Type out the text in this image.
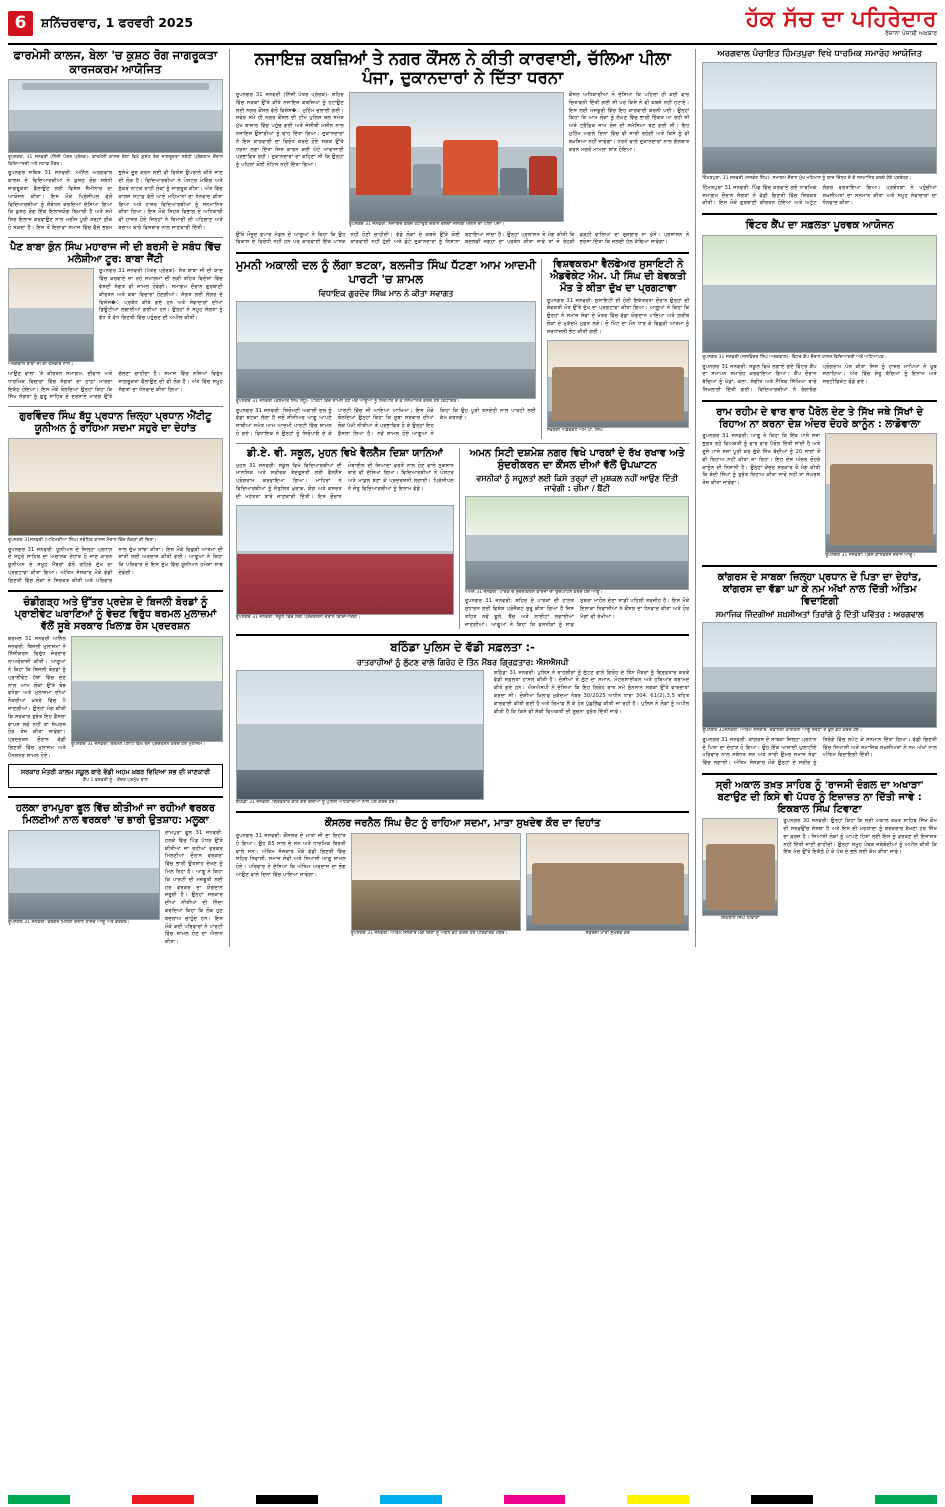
6	ਸ਼ਨਿੱਚਰਵਾਰ, 1 ਫਰਵਰੀ 2025	ਹੱਕ ਸੱਚ ਦਾ ਪਹਿਰੇਦਾਰ
ਰੋਜ਼ਾਨਾ ਪੰਜਾਬੀ ਅਖ਼ਬਾਰ
ਫਾਰਮੇਸੀ ਕਾਲਜ, ਬੇਲਾ 'ਚ ਕੁਸ਼ਠ ਰੋਗ ਜਾਗਰੂਕਤਾ ਕਾਰਜਕਰਮ ਆਯੋਜਿਤ
ਰੂਪਨਗਰ, 31 ਜਨਵਰੀ (ਨਿੱਜੀ ਪੱਤਰ ਪ੍ਰੇਰਕ)- ਫਾਰਮੇਸੀ ਕਾਲਜ ਬੇਲਾ ਵਿਖੇ ਕੁਸ਼ਠ ਰੋਗ ਜਾਗਰੂਕਤਾ ਸਬੰਧੀ ਪ੍ਰੋਗਰਾਮ ਦੌਰਾਨ ਵਿਦਿਆਰਥੀ ਅਤੇ ਸਟਾਫ਼ ਮੈਂਬਰ।
ਰੂਪਨਗਰ ਸਥਿਤ 31 ਜਨਵਰੀ: ਅਨਿੱਲ ਅਰਗਵਾਲ ਕਾਲਜ ਦੇ ਵਿਦਿਆਰਥੀਆਂ ਨੇ ਕੁਸ਼ਠ ਰੋਗ ਸਬੰਧੀ ਜਾਗਰੂਕਤਾ ਫੈਲਾਉਣ ਲਈ ਵਿਸ਼ੇਸ਼ ਸੈਮੀਨਾਰ ਦਾ ਆਯੋਜਨ ਕੀਤਾ। ਇਸ ਮੌਕੇ ਪ੍ਰਿੰਸੀਪਲ ਵੱਲੋਂ ਵਿਦਿਆਰਥੀਆਂ ਨੂੰ ਸੰਬੋਧਨ ਕਰਦਿਆਂ ਦੱਸਿਆ ਗਿਆ ਕਿ ਕੁਸ਼ਠ ਰੋਗ ਇੱਕ ਇਲਾਜਯੋਗ ਬਿਮਾਰੀ ਹੈ ਅਤੇ ਸਮੇਂ ਸਿਰ ਇਲਾਜ ਕਰਵਾਉਣ ਨਾਲ ਮਰੀਜ਼ ਪੂਰੀ ਤਰ੍ਹਾਂ ਠੀਕ ਹੋ ਸਕਦਾ ਹੈ। ਇਸ ਤੋਂ ਇਲਾਵਾ ਸਮਾਜ ਵਿੱਚ ਫੈਲੇ ਭਰਮ ਭੁਲੇਖੇ ਦੂਰ ਕਰਨ ਲਈ ਵੀ ਵਿਸ਼ੇਸ਼ ਉਪਰਾਲੇ ਕੀਤੇ ਜਾਣ ਦੀ ਲੋੜ ਹੈ। ਵਿਦਿਆਰਥੀਆਂ ਨੇ ਪੋਸਟਰ ਮੇਕਿੰਗ ਅਤੇ ਨੁੱਕੜ ਨਾਟਕ ਰਾਹੀਂ ਲੋਕਾਂ ਨੂੰ ਜਾਗਰੂਕ ਕੀਤਾ। ਅੰਤ ਵਿੱਚ ਕਾਲਜ ਸਟਾਫ਼ ਵੱਲੋਂ ਆਏ ਮਹਿਮਾਨਾਂ ਦਾ ਧੰਨਵਾਦ ਕੀਤਾ ਗਿਆ ਅਤੇ ਹਾਜ਼ਰ ਵਿਦਿਆਰਥੀਆਂ ਨੂੰ ਸਨਮਾਨਿਤ ਕੀਤਾ ਗਿਆ। ਇਸ ਮੌਕੇ ਸਿਹਤ ਵਿਭਾਗ ਦੇ ਅਧਿਕਾਰੀ ਵੀ ਹਾਜ਼ਰ ਹੋਏ ਜਿਨ੍ਹਾਂ ਨੇ ਬਿਮਾਰੀ ਦੀ ਪਹਿਚਾਣ ਅਤੇ ਬਚਾਅ ਬਾਰੇ ਵਿਸਥਾਰ ਨਾਲ ਜਾਣਕਾਰੀ ਦਿੱਤੀ।
ਪੈਣ ਬਾਬਾ ਕੁੰਨ ਸਿੰਘ ਮਹਾਰਾਜ ਜੀ ਦੀ ਬਰਸੀ ਦੇ ਸਬੰਧ ਵਿੱਚ ਮਲੇਸ਼ੀਆ ਟੂਰ: ਬਾਬਾ ਜੈਂਟੀ
ਅਰਗਵਾਲ ਬਾਬਾ ਜੀ ਦੀ ਤਸਵੀਰ ਨਾਲ।
ਰੂਪਨਗਰ 31 ਜਨਵਰੀ (ਪੱਤਰ ਪ੍ਰੇਰਕ)- ਸੰਤ ਬਾਬਾ ਜੀ ਦੀ ਯਾਦ ਵਿੱਚ ਕਰਵਾਏ ਜਾ ਰਹੇ ਸਮਾਗਮਾਂ ਦੀ ਲੜੀ ਤਹਿਤ ਵਿਦੇਸ਼ਾਂ ਵਿੱਚ ਵੱਸਦੀ ਸੰਗਤ ਵੀ ਸ਼ਾਮਲ ਹੋਵੇਗੀ। ਸਮਾਗਮ ਦੌਰਾਨ ਗੁਰਬਾਣੀ ਕੀਰਤਨ ਅਤੇ ਕਥਾ ਵਿਚਾਰਾਂ ਹੋਣਗੀਆਂ। ਸੰਗਤ ਲਈ ਲੰਗਰ ਦੇ ਵਿਸ਼ੇਸ�਼ ਪ੍ਰਬੰਧ ਕੀਤੇ ਗਏ ਹਨ ਅਤੇ ਸੇਵਾਦਾਰਾਂ ਦੀਆਂ ਡਿਊਟੀਆਂ ਲਗਾਈਆਂ ਗਈਆਂ ਹਨ। ਉਨ੍ਹਾਂ ਨੇ ਸਮੂਹ ਸੰਗਤਾਂ ਨੂੰ ਵੱਧ ਤੋਂ ਵੱਧ ਗਿਣਤੀ ਵਿੱਚ ਪਹੁੰਚਣ ਦੀ ਅਪੀਲ ਕੀਤੀ।
ਆਉਣ ਵਾਲਾ 'ਤੇ ਕੀਰਤਨ ਸਮਾਗਮ, ਦੀਵਾਨ ਅਤੇ ਧਾਰਮਿਕ ਵਿਚਾਰਾਂ ਵਿੱਚ ਸੰਗਤਾਂ ਦਾ ਠਾਠਾਂ ਮਾਰਦਾ ਇਕੱਠ ਹੋਇਆ। ਇਸ ਮੌਕੇ ਬੋਲਦਿਆਂ ਉਨ੍ਹਾਂ ਕਿਹਾ ਕਿ ਸਿੱਖ ਸੰਗਤਾਂ ਨੂੰ ਗੁਰੂ ਸਾਹਿਬ ਦੇ ਦਰਸਾਏ ਮਾਰਗ ਉੱਤੇ ਚੱਲਣਾ ਚਾਹੀਦਾ ਹੈ। ਸਮਾਜ ਵਿੱਚ ਨਸ਼ਿਆਂ ਵਿਰੁੱਧ ਜਾਗਰੂਕਤਾ ਫੈਲਾਉਣ ਦੀ ਵੀ ਲੋੜ ਹੈ। ਅੰਤ ਵਿੱਚ ਸਮੂਹ ਸੰਗਤਾਂ ਦਾ ਧੰਨਵਾਦ ਕੀਤਾ ਗਿਆ।
ਗੁਰਵਿੰਦਰ ਸਿੰਘ ਬੱਧੂ ਪ੍ਰਧਾਨ ਜ਼ਿਲ੍ਹਾ ਪ੍ਰਧਾਨ ਐਂਟੀਟੂ ਯੂਨੀਅਨ ਨੂੰ ਰਾਹਿਆ ਸਦਮਾ ਸਹੁਰੇ ਦਾ ਦੇਹਾਂਤ
ਰੂਪਨਗਰ 31ਜਨਵਰੀ (ਅਹਿਮਦੀਆ ਸਿੰਘ) ਸਬੰਧਿਤ ਕਾਲਜ ਮੈਦਾਨ ਵਿੱਚ ਲੱਕੜਾਂ ਦੀ ਚਿਤਾ।
ਰੂਪਨਗਰ 31 ਜਨਵਰੀ: ਯੂਨੀਅਨ ਦੇ ਜ਼ਿਲ੍ਹਾ ਪ੍ਰਧਾਨ ਦੇ ਸਹੁਰੇ ਸਾਹਿਬ ਦਾ ਅਚਾਨਕ ਦੇਹਾਂਤ ਹੋ ਜਾਣ ਕਾਰਨ ਯੂਨੀਅਨ ਦੇ ਸਮੂਹ ਮੈਂਬਰਾਂ ਵੱਲੋਂ ਗਹਿਰੇ ਦੁੱਖ ਦਾ ਪ੍ਰਗਟਾਵਾ ਕੀਤਾ ਗਿਆ। ਅੰਤਿਮ ਸੰਸਕਾਰ ਮੌਕੇ ਵੱਡੀ ਗਿਣਤੀ ਵਿੱਚ ਲੋਕਾਂ ਨੇ ਸ਼ਿਰਕਤ ਕੀਤੀ ਅਤੇ ਪਰਿਵਾਰ ਨਾਲ ਦੁੱਖ ਸਾਂਝਾ ਕੀਤਾ। ਇਸ ਮੌਕੇ ਵਿਛੜੀ ਆਤਮਾ ਦੀ ਸ਼ਾਂਤੀ ਲਈ ਅਰਦਾਸ ਕੀਤੀ ਗਈ। ਆਗੂਆਂ ਨੇ ਕਿਹਾ ਕਿ ਪਰਿਵਾਰ ਦੇ ਇਸ ਦੁੱਖ ਵਿੱਚ ਯੂਨੀਅਨ ਹਮੇਸ਼ਾ ਸਾਥ ਦੇਵੇਗੀ।
ਚੰਡੀਗੜ੍ਹ ਅਤੇ ਉੱਤਰ ਪ੍ਰਦੇਸ਼ ਦੇ ਬਿਜਲੀ ਬੋਰਡਾਂ ਨੂੰ ਪ੍ਰਾਈਵੇਟ ਘਰਾਣਿਆਂ ਨੂੰ ਵੇਚਣ ਵਿਰੁੱਧ ਥਰਮਲ ਮੁਲਾਜ਼ਮਾਂ ਵੱਲੋਂ ਸੂਬੇ ਸਰਕਾਰ ਖਿਲਾਫ਼ ਰੋਸ ਪ੍ਰਦਰਸ਼ਨ
ਥਰਮਲ 31 ਜਨਵਰੀ ਅਨਿੱਲ ਜਨਵਰੀ: ਬਿਜਲੀ ਮੁਲਾਜ਼ਮਾਂ ਨੇ ਨਿੱਜੀਕਰਨ ਵਿਰੁੱਧ ਜ਼ੋਰਦਾਰ ਨਾਅਰੇਬਾਜ਼ੀ ਕੀਤੀ। ਆਗੂਆਂ ਨੇ ਕਿਹਾ ਕਿ ਬਿਜਲੀ ਬੋਰਡਾਂ ਨੂੰ ਪ੍ਰਾਈਵੇਟ ਹੱਥਾਂ ਵਿੱਚ ਦੇਣ ਨਾਲ ਆਮ ਲੋਕਾਂ ਉੱਤੇ ਬੋਝ ਵਧੇਗਾ ਅਤੇ ਮੁਲਾਜ਼ਮਾਂ ਦੀਆਂ ਨੌਕਰੀਆਂ ਖ਼ਤਰੇ ਵਿੱਚ ਪੈ ਜਾਣਗੀਆਂ। ਉਨ੍ਹਾਂ ਮੰਗ ਕੀਤੀ ਕਿ ਸਰਕਾਰ ਤੁਰੰਤ ਇਹ ਫ਼ੈਸਲਾ ਵਾਪਸ ਲਵੇ ਨਹੀਂ ਤਾਂ ਸੰਘਰਸ਼ ਹੋਰ ਤੇਜ਼ ਕੀਤਾ ਜਾਵੇਗਾ। ਪ੍ਰਦਰਸ਼ਨ ਦੌਰਾਨ ਵੱਡੀ ਗਿਣਤੀ ਵਿੱਚ ਮੁਲਾਜ਼ਮ ਅਤੇ ਪੈਨਸ਼ਨਰ ਸ਼ਾਮਲ ਹੋਏ।
ਰੂਪਨਗਰ 31 ਜਨਵਰੀ: ਥਰਮਲ ਪਲਾਂਟ ਵਿਖੇ ਰੋਸ ਪ੍ਰਦਰਸ਼ਨ ਕਰਦੇ ਹੋਏ ਮੁਲਾਜ਼ਮ।
ਸਰਕਾਰ ਮੰਤਰੀ ਕਾਲਮ ਸਕੂਲ ਬਾਰੇ ਵੱਡੀ ਅਹਮ ਖ਼ਬਰ ਵਿਦਿਆ ਸਭ ਦੀ ਜਾਣਕਾਰੀ
ਕੈਂਪ 1 ਫ਼ਰਵਰੀ ਨੂੰ - ਕੇਂਦਰ ਪ੍ਰਮੁੱਖ ਬਾਲ
ਹਲਕਾ ਰਾਮਪੁਰਾ ਫੂਲ ਵਿੱਚ ਕੀਤੀਆਂ ਜਾ ਰਹੀਆਂ ਵਰਕਰ ਮਿਲਣੀਆਂ ਨਾਲ ਵਰਕਰਾਂ 'ਚ ਭਾਰੀ ਉਤਸ਼ਾਹ: ਮਲੂਕਾ
ਰੂਪਨਗਰ 31 ਜਨਵਰੀ: ਵਰਕਰ ਮਿਲਣੀ ਦੌਰਾਨ ਹਾਜ਼ਰ ਆਗੂ ਅਤੇ ਵਰਕਰ।
ਰਾਮਪੁਰਾ ਫੂਲ 31 ਜਨਵਰੀ: ਹਲਕੇ ਵਿੱਚ ਪਿੰਡ ਪੱਧਰ ਉੱਤੇ ਕੀਤੀਆਂ ਜਾ ਰਹੀਆਂ ਵਰਕਰ ਮਿਲਣੀਆਂ ਦੌਰਾਨ ਵਰਕਰਾਂ ਵਿੱਚ ਭਾਰੀ ਉਤਸ਼ਾਹ ਦੇਖਣ ਨੂੰ ਮਿਲ ਰਿਹਾ ਹੈ। ਆਗੂ ਨੇ ਕਿਹਾ ਕਿ ਪਾਰਟੀ ਦੀ ਮਜ਼ਬੂਤੀ ਲਈ ਹਰ ਵਰਕਰ ਦਾ ਯੋਗਦਾਨ ਜ਼ਰੂਰੀ ਹੈ। ਉਨ੍ਹਾਂ ਸਰਕਾਰ ਦੀਆਂ ਨੀਤੀਆਂ ਦੀ ਨਿੰਦਾ ਕਰਦਿਆਂ ਕਿਹਾ ਕਿ ਲੋਕ ਹੁਣ ਬਦਲਾਅ ਚਾਹੁੰਦੇ ਹਨ। ਇਸ ਮੌਕੇ ਕਈ ਪਰਿਵਾਰਾਂ ਨੇ ਪਾਰਟੀ ਵਿੱਚ ਸ਼ਾਮਲ ਹੋਣ ਦਾ ਐਲਾਨ ਕੀਤਾ।
ਨਜਾਇਜ਼ ਕਬਜ਼ਿਆਂ ਤੇ ਨਗਰ ਕੌਂਸਲ ਨੇ ਕੀਤੀ ਕਾਰਵਾਈ, ਚੱਲਿਆ ਪੀਲਾ ਪੰਜਾ, ਦੁਕਾਨਦਾਰਾਂ ਨੇ ਦਿੱਤਾ ਧਰਨਾ
ਰੂਪਨਗਰ 31 ਜਨਵਰੀ (ਨਿੱਜੀ ਪੱਤਰ ਪ੍ਰੇਰਕ)- ਸ਼ਹਿਰ ਵਿੱਚ ਸੜਕਾਂ ਉੱਤੇ ਕੀਤੇ ਨਜਾਇਜ਼ ਕਬਜ਼ਿਆਂ ਨੂੰ ਹਟਾਉਣ ਲਈ ਨਗਰ ਕੌਂਸਲ ਵੱਲੋਂ ਵਿਸ਼ੇਸ�਼ ਮੁਹਿੰਮ ਚਲਾਈ ਗਈ। ਸਵੇਰ ਸਮੇਂ ਹੀ ਨਗਰ ਕੌਂਸਲ ਦੀ ਟੀਮ ਪੁਲਿਸ ਬਲ ਸਮੇਤ ਮੁੱਖ ਬਾਜ਼ਾਰ ਵਿੱਚ ਪਹੁੰਚ ਗਈ ਅਤੇ ਜੇਸੀਬੀ ਮਸ਼ੀਨ ਨਾਲ ਨਜਾਇਜ਼ ਉਸਾਰੀਆਂ ਨੂੰ ਢਾਹ ਦਿੱਤਾ ਗਿਆ। ਦੁਕਾਨਦਾਰਾਂ ਨੇ ਇਸ ਕਾਰਵਾਈ ਦਾ ਵਿਰੋਧ ਕਰਦੇ ਹੋਏ ਸੜਕ ਉੱਤੇ ਧਰਨਾ ਲਗਾ ਦਿੱਤਾ ਜਿਸ ਕਾਰਨ ਕਈ ਘੰਟੇ ਆਵਾਜਾਈ ਪ੍ਰਭਾਵਿਤ ਰਹੀ। ਦੁਕਾਨਦਾਰਾਂ ਦਾ ਕਹਿਣਾ ਸੀ ਕਿ ਉਨ੍ਹਾਂ ਨੂੰ ਪਹਿਲਾਂ ਕੋਈ ਨੋਟਿਸ ਨਹੀਂ ਦਿੱਤਾ ਗਿਆ।
ਰੂਪਨਗਰ 31 ਜਨਵਰੀ: ਨਜਾਇਜ਼ ਕਬਜ਼ੇ ਹਟਾਉਣ ਦੌਰਾਨ ਚੱਲਦਾ ਜੇਸੀਬੀ ਮਸ਼ੀਨ ਦਾ ਪੀਲਾ ਪੰਜਾ।
ਕੌਂਸਲ ਅਧਿਕਾਰੀਆਂ ਨੇ ਦੱਸਿਆ ਕਿ ਪਹਿਲਾਂ ਹੀ ਕਈ ਵਾਰ ਚਿਤਾਵਨੀ ਦਿੱਤੀ ਗਈ ਸੀ ਪਰ ਕਿਸੇ ਨੇ ਵੀ ਕਬਜ਼ੇ ਨਹੀਂ ਹਟਾਏ। ਇਸ ਲਈ ਮਜਬੂਰੀ ਵਿੱਚ ਇਹ ਕਾਰਵਾਈ ਕਰਨੀ ਪਈ। ਉਨ੍ਹਾਂ ਕਿਹਾ ਕਿ ਆਮ ਲੋਕਾਂ ਨੂੰ ਲੰਘਣ ਵਿੱਚ ਭਾਰੀ ਦਿੱਕਤ ਆ ਰਹੀ ਸੀ ਅਤੇ ਟ੍ਰੈਫ਼ਿਕ ਜਾਮ ਰੋਜ਼ ਦੀ ਸਮੱਸਿਆ ਬਣ ਗਈ ਸੀ। ਇਹ ਮੁਹਿੰਮ ਅਗਲੇ ਦਿਨਾਂ ਵਿੱਚ ਵੀ ਜਾਰੀ ਰਹੇਗੀ ਅਤੇ ਕਿਸੇ ਨੂੰ ਵੀ ਬਖ਼ਸ਼ਿਆ ਨਹੀਂ ਜਾਵੇਗਾ। ਧਰਨੇ ਵਾਲੇ ਦੁਕਾਨਦਾਰਾਂ ਨਾਲ ਗੱਲਬਾਤ ਕਰਨ ਮਗਰੋਂ ਮਾਮਲਾ ਸ਼ਾਂਤ ਹੋਇਆ।
ਉੱਥੇ ਮੌਜੂਦ ਵਪਾਰ ਮੰਡਲ ਦੇ ਆਗੂਆਂ ਨੇ ਕਿਹਾ ਕਿ ਉਹ ਵਿਕਾਸ ਦੇ ਵਿਰੋਧੀ ਨਹੀਂ ਹਨ ਪਰ ਕਾਰਵਾਈ ਇੱਕ ਪਾਸੜ ਨਹੀਂ ਹੋਣੀ ਚਾਹੀਦੀ। ਵੱਡੇ ਲੋਕਾਂ ਦੇ ਕਬਜ਼ੇ ਉੱਤੇ ਕੋਈ ਕਾਰਵਾਈ ਨਹੀਂ ਹੁੰਦੀ ਅਤੇ ਛੋਟੇ ਦੁਕਾਨਦਾਰਾਂ ਨੂੰ ਨਿਸ਼ਾਨਾ ਬਣਾਇਆ ਜਾਂਦਾ ਹੈ। ਉਨ੍ਹਾਂ ਪ੍ਰਸ਼ਾਸਨ ਤੋਂ ਮੰਗ ਕੀਤੀ ਕਿ ਬਦਲਵੀਂ ਜਗ੍ਹਾ ਦਾ ਪ੍ਰਬੰਧ ਕੀਤਾ ਜਾਵੇ ਤਾਂ ਜੋ ਰੇਹੜੀ ਫੜ੍ਹੀ ਵਾਲਿਆਂ ਦਾ ਰੁਜ਼ਗਾਰ ਨਾ ਖੁੱਸੇ। ਪ੍ਰਸ਼ਾਸਨ ਨੇ ਭਰੋਸਾ ਦਿੱਤਾ ਕਿ ਜਲਦੀ ਹੱਲ ਕੱਢਿਆ ਜਾਵੇਗਾ।
ਮੁਮਨੀ ਅਕਾਲੀ ਦਲ ਨੂੰ ਲੱਗਾ ਝਟਕਾ, ਬਲਜੀਤ ਸਿੰਘ ਧੱਟਣਾ ਆਮ ਆਦਮੀ ਪਾਰਟੀ 'ਚ ਸ਼ਾਮਲ
ਵਿਧਾਇਕ ਗੁਰਦੇਵ ਸਿੰਘ ਮਾਨ ਨੇ ਕੀਤਾ ਸਵਾਗਤ
ਰੂਪਨਗਰ 31 ਜਨਵਰੀ (ਕਸ਼ਮੀਰ ਸਿੰਘ ਸੰਧੂ)- ਪਾਰਟੀ ਵਿੱਚ ਸ਼ਾਮਲ ਹੋਣ ਮੌਕੇ ਆਗੂਆਂ ਨੂੰ ਸਿਰੋਪਾਓ ਦੇ ਕੇ ਸਨਮਾਨਿਤ ਕਰਦੇ ਹੋਏ ਵਿਧਾਇਕ।
ਰੂਪਨਗਰ 31 ਜਨਵਰੀ: ਸ਼ਿਰੋਮਣੀ ਅਕਾਲੀ ਦਲ ਨੂੰ ਵੱਡਾ ਝਟਕਾ ਲੱਗਾ ਹੈ ਜਦੋਂ ਸੀਨੀਅਰ ਆਗੂ ਆਪਣੇ ਸਾਥੀਆਂ ਸਮੇਤ ਆਮ ਆਦਮੀ ਪਾਰਟੀ ਵਿੱਚ ਸ਼ਾਮਲ ਹੋ ਗਏ। ਵਿਧਾਇਕ ਨੇ ਉਨ੍ਹਾਂ ਨੂੰ ਸਿਰੋਪਾਓ ਦੇ ਕੇ ਪਾਰਟੀ ਵਿੱਚ ਜੀ ਆਇਆਂ ਆਖਿਆ। ਇਸ ਮੌਕੇ ਬੋਲਦਿਆਂ ਉਨ੍ਹਾਂ ਕਿਹਾ ਕਿ ਸੂਬਾ ਸਰਕਾਰ ਦੀਆਂ ਲੋਕ ਪੱਖੀ ਨੀਤੀਆਂ ਤੋਂ ਪ੍ਰਭਾਵਿਤ ਹੋ ਕੇ ਉਨ੍ਹਾਂ ਇਹ ਫ਼ੈਸਲਾ ਲਿਆ ਹੈ। ਨਵੇਂ ਸ਼ਾਮਲ ਹੋਏ ਆਗੂਆਂ ਨੇ ਕਿਹਾ ਕਿ ਉਹ ਪੂਰੀ ਤਨਦੇਹੀ ਨਾਲ ਪਾਰਟੀ ਲਈ ਕੰਮ ਕਰਨਗੇ।
ਵਿਸ਼ਵਕਰਮਾ ਵੈਲਫੇਅਰ ਸੁਸਾਇਟੀ ਨੇ ਐਡਵੋਕੇਟ ਐਮ. ਪੀ ਸਿੰਘ ਦੀ ਬੇਵਕਤੀ ਮੌਤ ਤੇ ਕੀਤਾ ਦੁੱਖ ਦਾ ਪ੍ਰਗਟਾਵਾ
ਰੂਪਨਗਰ 31 ਜਨਵਰੀ: ਸੁਸਾਇਟੀ ਦੀ ਹੋਈ ਇਕੱਤਰਤਾ ਦੌਰਾਨ ਉਨ੍ਹਾਂ ਦੀ ਬੇਵਕਤੀ ਮੌਤ ਉੱਤੇ ਦੁੱਖ ਦਾ ਪ੍ਰਗਟਾਵਾ ਕੀਤਾ ਗਿਆ। ਆਗੂਆਂ ਨੇ ਕਿਹਾ ਕਿ ਉਨ੍ਹਾਂ ਨੇ ਸਮਾਜ ਸੇਵਾ ਦੇ ਖੇਤਰ ਵਿੱਚ ਵੱਡਾ ਯੋਗਦਾਨ ਪਾਇਆ ਅਤੇ ਗ਼ਰੀਬ ਲੋਕਾਂ ਦੇ ਮੁਕੱਦਮੇ ਮੁਫ਼ਤ ਲੜੇ। ਦੋ ਮਿੰਟ ਦਾ ਮੌਨ ਧਾਰ ਕੇ ਵਿਛੜੀ ਆਤਮਾ ਨੂੰ ਸ਼ਰਧਾਂਜਲੀ ਭੇਟ ਕੀਤੀ ਗਈ।
ਸਵਰਗੀ ਐਡਵੋਕੇਟ ਐਮ.ਪੀ. ਸਿੰਘ
ਡੀ.ਏ. ਵੀ. ਸਕੂਲ, ਮੁਹਨ ਵਿਖੇ ਵੈਲਨੈੱਸ ਦਿਸ਼ਾ ਯਾਨਿਆਂ
ਮੁਹਨ 31 ਜਨਵਰੀ: ਸਕੂਲ ਵਿਖੇ ਵਿਦਿਆਰਥੀਆਂ ਦੀ ਮਾਨਸਿਕ ਅਤੇ ਸਰੀਰਕ ਤੰਦਰੁਸਤੀ ਲਈ ਵੈਲਨੈੱਸ ਪ੍ਰੋਗਰਾਮ ਕਰਵਾਇਆ ਗਿਆ। ਮਾਹਿਰਾਂ ਨੇ ਵਿਦਿਆਰਥੀਆਂ ਨੂੰ ਸੰਤੁਲਿਤ ਖ਼ੁਰਾਕ, ਯੋਗ ਅਤੇ ਕਸਰਤ ਦੀ ਮਹੱਤਤਾ ਬਾਰੇ ਜਾਣਕਾਰੀ ਦਿੱਤੀ। ਇਸ ਦੌਰਾਨ ਮੋਬਾਈਲ ਦੀ ਜ਼ਿਆਦਾ ਵਰਤੋਂ ਨਾਲ ਹੋਣ ਵਾਲੇ ਨੁਕਸਾਨ ਬਾਰੇ ਵੀ ਦੱਸਿਆ ਗਿਆ। ਵਿਦਿਆਰਥੀਆਂ ਨੇ ਪੋਸਟਰ ਅਤੇ ਮਾਡਲ ਬਣਾ ਕੇ ਪ੍ਰਦਰਸ਼ਨੀ ਲਗਾਈ। ਪ੍ਰਿੰਸੀਪਲ ਨੇ ਜੇਤੂ ਵਿਦਿਆਰਥੀਆਂ ਨੂੰ ਇਨਾਮ ਵੰਡੇ।
ਰੂਪਨਗਰ 31 ਜਨਵਰੀ: ਸਕੂਲ ਵਿੱਚ ਲੱਗੀ ਪ੍ਰਦਰਸ਼ਨੀ ਦੌਰਾਨ ਵਿਦਿਆਰਥੀ।
ਅਮਨ ਸਿਟੀ ਦਸ਼ਮੇਸ਼ ਨਗਰ ਵਿਖੇ ਪਾਰਕਾਂ ਦੇ ਰੱਖ ਰਖਾਵ ਅਤੇ ਸੁੰਦਰੀਕਰਨ ਦਾ ਕੌਂਸਲ ਦੀਆਂ ਵੱਲੋਂ ਉਪਘਾਟਨ
ਵਸਨੀਕਾਂ ਨੂੰ ਸਹੂਲਤਾਂ ਲਈ ਕਿਸੇ ਤਰ੍ਹਾਂ ਦੀ ਮੁਸ਼ਕਲ ਨਹੀਂ ਆਉਣ ਦਿੱਤੀ ਜਾਵੇਗੀ : ਚੀਮਾ / ਬੈਂਟੀ
ਅਮਨ 31 ਜਨਵਰੀ: ਪਾਰਕ ਦੇ ਸੁੰਦਰੀਕਰਨ ਕਾਰਜਾਂ ਦਾ ਉਦਘਾਟਨ ਕਰਦੇ ਹੋਏ ਆਗੂ।
ਰੂਪਨਗਰ 31 ਜਨਵਰੀ: ਸ਼ਹਿਰ ਦੇ ਪਾਰਕਾਂ ਦੀ ਹਾਲਤ ਸੁਧਾਰਨ ਲਈ ਵਿਸ਼ੇਸ਼ ਪ੍ਰੋਜੈਕਟ ਸ਼ੁਰੂ ਕੀਤਾ ਗਿਆ ਹੈ ਜਿਸ ਤਹਿਤ ਨਵੇਂ ਝੂਲੇ, ਬੈਂਚ ਅਤੇ ਲਾਈਟਾਂ ਲਗਾਈਆਂ ਜਾਣਗੀਆਂ। ਆਗੂਆਂ ਨੇ ਕਿਹਾ ਕਿ ਵਸਨੀਕਾਂ ਨੂੰ ਸਾਫ਼ ਸੁਥਰਾ ਮਾਹੌਲ ਦੇਣਾ ਸਾਡੀ ਪਹਿਲੀ ਤਰਜੀਹ ਹੈ। ਇਸ ਮੌਕੇ ਇਲਾਕਾ ਨਿਵਾਸੀਆਂ ਨੇ ਕੌਂਸਲ ਦਾ ਧੰਨਵਾਦ ਕੀਤਾ ਅਤੇ ਹੋਰ ਮੰਗਾਂ ਵੀ ਰੱਖੀਆਂ।
ਬਠਿੰਡਾ ਪੁਲਿਸ ਦੇ ਵੱਡੀ ਸਫ਼ਲਤਾ :-
ਰਾਤਰਾਹੀਆਂ ਨੂੰ ਲੁੱਟਣ ਵਾਲੇ ਗਿਰੋਹ ਦੇ ਤਿੰਨ ਮੈਂਬਰ ਗ੍ਰਿਫ਼ਤਾਰ: ਐਸਐਸਪੀ
ਬਠਿੰਡਾ 31 ਜਨਵਰੀ: ਗ੍ਰਿਫ਼ਤਾਰ ਕੀਤੇ ਗਏ ਦੋਸ਼ੀਆਂ ਨੂੰ ਪੁਲਿਸ ਅਧਿਕਾਰੀਆਂ ਨਾਲ ਪੇਸ਼ ਕਰਦੇ ਹੋਏ।
ਬਠਿੰਡਾ 31 ਜਨਵਰੀ: ਪੁਲਿਸ ਨੇ ਰਾਹਗੀਰਾਂ ਨੂੰ ਲੁੱਟਣ ਵਾਲੇ ਗਿਰੋਹ ਦੇ ਤਿੰਨ ਮੈਂਬਰਾਂ ਨੂੰ ਗ੍ਰਿਫ਼ਤਾਰ ਕਰਕੇ ਵੱਡੀ ਸਫ਼ਲਤਾ ਹਾਸਲ ਕੀਤੀ ਹੈ। ਦੋਸ਼ੀਆਂ ਤੋਂ ਲੁੱਟ ਦਾ ਸਮਾਨ, ਮੋਟਰਸਾਈਕਲ ਅਤੇ ਹਥਿਆਰ ਬਰਾਮਦ ਕੀਤੇ ਗਏ ਹਨ। ਐਸਐਸਪੀ ਨੇ ਦੱਸਿਆ ਕਿ ਇਹ ਗਿਰੋਹ ਰਾਤ ਸਮੇਂ ਸੁੰਨਸਾਨ ਸੜਕਾਂ ਉੱਤੇ ਵਾਰਦਾਤਾਂ ਕਰਦਾ ਸੀ। ਦੋਸ਼ੀਆਂ ਖ਼ਿਲਾਫ਼ ਮੁਕੱਦਮਾ ਨੰਬਰ 30/2025 ਅਧੀਨ ਧਾਰਾ 304, 61(2),3,5 ਤਹਿਤ ਕਾਰਵਾਈ ਕੀਤੀ ਗਈ ਹੈ ਅਤੇ ਰਿਮਾਂਡ ਲੈ ਕੇ ਹੋਰ ਪੁੱਛਗਿੱਛ ਕੀਤੀ ਜਾ ਰਹੀ ਹੈ। ਪੁਲਿਸ ਨੇ ਲੋਕਾਂ ਨੂੰ ਅਪੀਲ ਕੀਤੀ ਹੈ ਕਿ ਕਿਸੇ ਵੀ ਸ਼ੱਕੀ ਵਿਅਕਤੀ ਦੀ ਸੂਚਨਾ ਤੁਰੰਤ ਦਿੱਤੀ ਜਾਵੇ।
ਕੌਂਸਲਰ ਜਰਨੈਲ ਸਿੰਘ ਚੈਟ ਨੂੰ ਰਾਹਿਆ ਸਦਮਾ, ਮਾਤਾ ਸੁਖਦੇਵ ਕੌਰ ਦਾ ਦਿਹਾਂਤ
ਰੂਪਨਗਰ 31 ਜਨਵਰੀ: ਕੌਂਸਲਰ ਦੇ ਮਾਤਾ ਜੀ ਦਾ ਦਿਹਾਂਤ ਹੋ ਗਿਆ। ਉਹ 85 ਸਾਲ ਦੇ ਸਨ ਅਤੇ ਧਾਰਮਿਕ ਬਿਰਤੀ ਵਾਲੇ ਸਨ। ਅੰਤਿਮ ਸੰਸਕਾਰ ਮੌਕੇ ਵੱਡੀ ਗਿਣਤੀ ਵਿੱਚ ਸ਼ਹਿਰ ਨਿਵਾਸੀ, ਸਮਾਜ ਸੇਵੀ ਅਤੇ ਸਿਆਸੀ ਆਗੂ ਸ਼ਾਮਲ ਹੋਏ। ਪਰਿਵਾਰ ਨੇ ਦੱਸਿਆ ਕਿ ਅੰਤਿਮ ਅਰਦਾਸ ਦਾ ਭੋਗ ਆਉਣ ਵਾਲੇ ਦਿਨਾਂ ਵਿੱਚ ਪਾਇਆ ਜਾਵੇਗਾ।
ਰੂਪਨਗਰ 31 ਜਨਵਰੀ: ਅੰਤਿਮ ਸੰਸਕਾਰ ਮੌਕੇ ਚਿਤਾ ਨੂੰ ਅਗਨ ਭੇਟ ਕਰਦੇ ਹੋਏ ਪਰਿਵਾਰਕ ਮੈਂਬਰ।	ਸਵਰਗੀ ਮਾਤਾ ਸੁਖਦੇਵ ਕੌਰ
ਅਰਗਵਾਲ ਪੰਚਾਇਤ ਹਿੰਮਤਪੁਰਾ ਵਿਖੇ ਧਾਰਮਿਕ ਸਮਾਰੋਹ ਆਯੋਜਿਤ
ਹਿੰਮਤਪੁਰਾ, 31 ਜਨਵਰੀ (ਜਸਵੰਤ ਸਿੰਘ)- ਸਮਾਗਮ ਦੌਰਾਨ ਮੁੱਖ ਮਹਿਮਾਨ ਨੂੰ ਯਾਦ ਚਿੰਨ੍ਹ ਦੇ ਕੇ ਸਨਮਾਨਿਤ ਕਰਦੇ ਹੋਏ ਪ੍ਰਬੰਧਕ।
ਹਿੰਮਤਪੁਰਾ 31 ਜਨਵਰੀ: ਪਿੰਡ ਵਿੱਚ ਕਰਵਾਏ ਗਏ ਧਾਰਮਿਕ ਸਮਾਗਮ ਦੌਰਾਨ ਸੰਗਤਾਂ ਨੇ ਵੱਡੀ ਗਿਣਤੀ ਵਿੱਚ ਸ਼ਿਰਕਤ ਕੀਤੀ। ਇਸ ਮੌਕੇ ਗੁਰਬਾਣੀ ਕੀਰਤਨ ਹੋਇਆ ਅਤੇ ਅਟੁੱਟ ਲੰਗਰ ਵਰਤਾਇਆ ਗਿਆ। ਪ੍ਰਬੰਧਕਾਂ ਨੇ ਪਹੁੰਚੀਆਂ ਸ਼ਖ਼ਸੀਅਤਾਂ ਦਾ ਸਨਮਾਨ ਕੀਤਾ ਅਤੇ ਸਮੂਹ ਸੇਵਾਦਾਰਾਂ ਦਾ ਧੰਨਵਾਦ ਕੀਤਾ।
ਵਿੰਟਰ ਕੈਂਪ ਦਾ ਸਫ਼ਲਤਾ ਪੂਰਵਕ ਆਯੋਜਨ
ਰੂਪਨਗਰ 31 ਜਨਵਰੀ (ਜਸਵਿੰਦਰ ਸਿੰਘ ਅਰਗਵਾਲ)- ਵਿੰਟਰ ਕੈਂਪ ਦੌਰਾਨ ਹਾਜ਼ਰ ਵਿਦਿਆਰਥੀ ਅਤੇ ਅਧਿਆਪਕ।
ਰੂਪਨਗਰ 31 ਜਨਵਰੀ: ਸਕੂਲ ਵਿਖੇ ਲਗਾਏ ਗਏ ਵਿੰਟਰ ਕੈਂਪ ਦਾ ਸਮਾਪਨ ਸਮਾਰੋਹ ਕਰਵਾਇਆ ਗਿਆ। ਕੈਂਪ ਦੌਰਾਨ ਬੱਚਿਆਂ ਨੂੰ ਖੇਡਾਂ, ਕਲਾ, ਸੰਗੀਤ ਅਤੇ ਨੈਤਿਕ ਸਿੱਖਿਆ ਬਾਰੇ ਸਿਖਲਾਈ ਦਿੱਤੀ ਗਈ। ਵਿਦਿਆਰਥੀਆਂ ਨੇ ਰੰਗਾਰੰਗ ਪ੍ਰੋਗਰਾਮ ਪੇਸ਼ ਕੀਤਾ ਜਿਸ ਨੂੰ ਹਾਜ਼ਰ ਮਾਪਿਆਂ ਨੇ ਖ਼ੂਬ ਸਲਾਹਿਆ। ਅੰਤ ਵਿੱਚ ਜੇਤੂ ਬੱਚਿਆਂ ਨੂੰ ਇਨਾਮ ਅਤੇ ਸਰਟੀਫਿਕੇਟ ਵੰਡੇ ਗਏ।
ਰਾਮ ਰਹੀਮ ਦੇ ਵਾਰ ਵਾਰ ਪੈਰੋਲ ਦੇਣ ਤੇ ਸਿੱਖ ਜਥੇ ਸਿੱਖਾਂ ਦੇ ਰਿਹਾਅ ਨਾ ਕਰਨਾ ਦੇਸ਼ ਅੰਦਰ ਦੋਹਰੇ ਕਾਨੂੰਨ : ਲਾਡੋਵਾਲਾ
ਰੂਪਨਗਰ 31 ਜਨਵਰੀ: ਆਗੂ ਨੇ ਕਿਹਾ ਕਿ ਇੱਕ ਪਾਸੇ ਸਜ਼ਾ ਭੁਗਤ ਰਹੇ ਵਿਅਕਤੀ ਨੂੰ ਵਾਰ ਵਾਰ ਪੈਰੋਲ ਦਿੱਤੀ ਜਾਂਦੀ ਹੈ ਅਤੇ ਦੂਜੇ ਪਾਸੇ ਸਜ਼ਾ ਪੂਰੀ ਕਰ ਚੁੱਕੇ ਸਿੱਖ ਬੰਦੀਆਂ ਨੂੰ 20 ਸਾਲਾਂ ਤੋਂ ਵੀ ਰਿਹਾਅ ਨਹੀਂ ਕੀਤਾ ਜਾ ਰਿਹਾ। ਇਹ ਦੇਸ਼ ਅੰਦਰ ਦੋਹਰੇ ਕਾਨੂੰਨ ਦੀ ਨਿਸ਼ਾਨੀ ਹੈ। ਉਨ੍ਹਾਂ ਕੇਂਦਰ ਸਰਕਾਰ ਤੋਂ ਮੰਗ ਕੀਤੀ ਕਿ ਬੰਦੀ ਸਿੰਘਾਂ ਨੂੰ ਤੁਰੰਤ ਰਿਹਾਅ ਕੀਤਾ ਜਾਵੇ ਨਹੀਂ ਤਾਂ ਸੰਘਰਸ਼ ਤੇਜ਼ ਕੀਤਾ ਜਾਵੇਗਾ।
ਰੂਪਨਗਰ 31 ਜਨਵਰੀ: ਪ੍ਰੈੱਸ ਕਾਨਫਰੰਸ ਦੌਰਾਨ ਆਗੂ।
ਕਾਂਗਰਸ ਦੇ ਸਾਬਕਾ ਜ਼ਿਲ੍ਹਾ ਪ੍ਰਧਾਨ ਦੇ ਪਿਤਾ ਦਾ ਦੇਹਾਂਤ, ਕਾਂਗਰਸ ਦਾ ਵੱਡਾ ਘਾ ਕੇ ਨਮ ਅੱਖਾਂ ਨਾਲ ਦਿੱਤੀ ਅੰਤਿਮ ਵਿਦਾਇਗੀ
ਸਮਾਜਿਕ ਜਿੰਦਗੀਆਂ ਸ਼ਖ਼ਸੀਅਤਾਂ ਤਿਰਾਂਗੇ ਨੂੰ ਦਿੱਤੀ ਪਵਿੱਤਰ : ਅਰਗਵਾਲ
ਰੂਪਨਗਰ 31ਜਨਵਰੀ: ਅੰਤਿਮ ਸੰਸਕਾਰ -ਰਵਾਨਗੀ ਕਾਂਗਰਸੀ ਆਗੂ ਸ਼ਰਧਾ ਦੇ ਫੁੱਲ ਭੇਟ ਕਰਦੇ ਹੋਏ।
ਰੂਪਨਗਰ 31 ਜਨਵਰੀ: ਕਾਂਗਰਸ ਦੇ ਸਾਬਕਾ ਜ਼ਿਲ੍ਹਾ ਪ੍ਰਧਾਨ ਦੇ ਪਿਤਾ ਦਾ ਦੇਹਾਂਤ ਹੋ ਗਿਆ। ਉਹ ਇੱਕ ਆਜ਼ਾਦੀ ਘੁਲਾਟੀਏ ਪਰਿਵਾਰ ਨਾਲ ਸਬੰਧਤ ਸਨ ਅਤੇ ਸਾਰੀ ਉਮਰ ਸਮਾਜ ਸੇਵਾ ਵਿੱਚ ਲਗਾਈ। ਅੰਤਿਮ ਸੰਸਕਾਰ ਮੌਕੇ ਉਨ੍ਹਾਂ ਦੇ ਸਰੀਰ ਨੂੰ ਤਿਰੰਗੇ ਵਿੱਚ ਲਪੇਟ ਕੇ ਸਨਮਾਨ ਦਿੱਤਾ ਗਿਆ। ਵੱਡੀ ਗਿਣਤੀ ਵਿੱਚ ਸਿਆਸੀ ਅਤੇ ਸਮਾਜਿਕ ਸ਼ਖ਼ਸੀਅਤਾਂ ਨੇ ਨਮ ਅੱਖਾਂ ਨਾਲ ਅੰਤਿਮ ਵਿਦਾਇਗੀ ਦਿੱਤੀ।
ਸ੍ਰੀ ਅਕਾਲ ਤਖ਼ਤ ਸਾਹਿਬ ਨੂੰ 'ਰਾਜਸੀ ਦੰਗਲ ਦਾ ਅਖਾੜਾ' ਬਣਾਉਣ ਦੀ ਕਿਸੇ ਵੀ ਪੱਧਰ ਨੂੰ ਇਜ਼ਾਜ਼ਤ ਨਾ ਦਿੱਤੀ ਜਾਵੇ : ਇਕਬਾਲ ਸਿੰਘ ਟਿਵਾਣਾ
ਇਕਬਾਲ ਸਿੰਘ ਟਿਵਾਣਾ
ਰੂਪਨਗਰ 30 ਜਨਵਰੀ: ਉਨ੍ਹਾਂ ਕਿਹਾ ਕਿ ਸ੍ਰੀ ਅਕਾਲ ਤਖ਼ਤ ਸਾਹਿਬ ਸਿੱਖ ਕੌਮ ਦੀ ਸਰਵਉੱਚ ਸੰਸਥਾ ਹੈ ਅਤੇ ਇਸ ਦੀ ਮਰਯਾਦਾ ਨੂੰ ਬਰਕਰਾਰ ਰੱਖਣਾ ਹਰ ਸਿੱਖ ਦਾ ਫ਼ਰਜ਼ ਹੈ। ਸਿਆਸੀ ਲੋਕਾਂ ਨੂੰ ਆਪਣੇ ਹਿਤਾਂ ਲਈ ਇਸ ਨੂੰ ਵਰਤਣ ਦੀ ਇਜ਼ਾਜ਼ਤ ਨਹੀਂ ਦਿੱਤੀ ਜਾਣੀ ਚਾਹੀਦੀ। ਉਨ੍ਹਾਂ ਸਮੂਹ ਪੰਥਕ ਜਥੇਬੰਦੀਆਂ ਨੂੰ ਅਪੀਲ ਕੀਤੀ ਕਿ ਇੱਕ ਮੰਚ ਉੱਤੇ ਇਕੱਠੇ ਹੋ ਕੇ ਪੰਥ ਦੇ ਭਲੇ ਲਈ ਕੰਮ ਕੀਤਾ ਜਾਵੇ।
